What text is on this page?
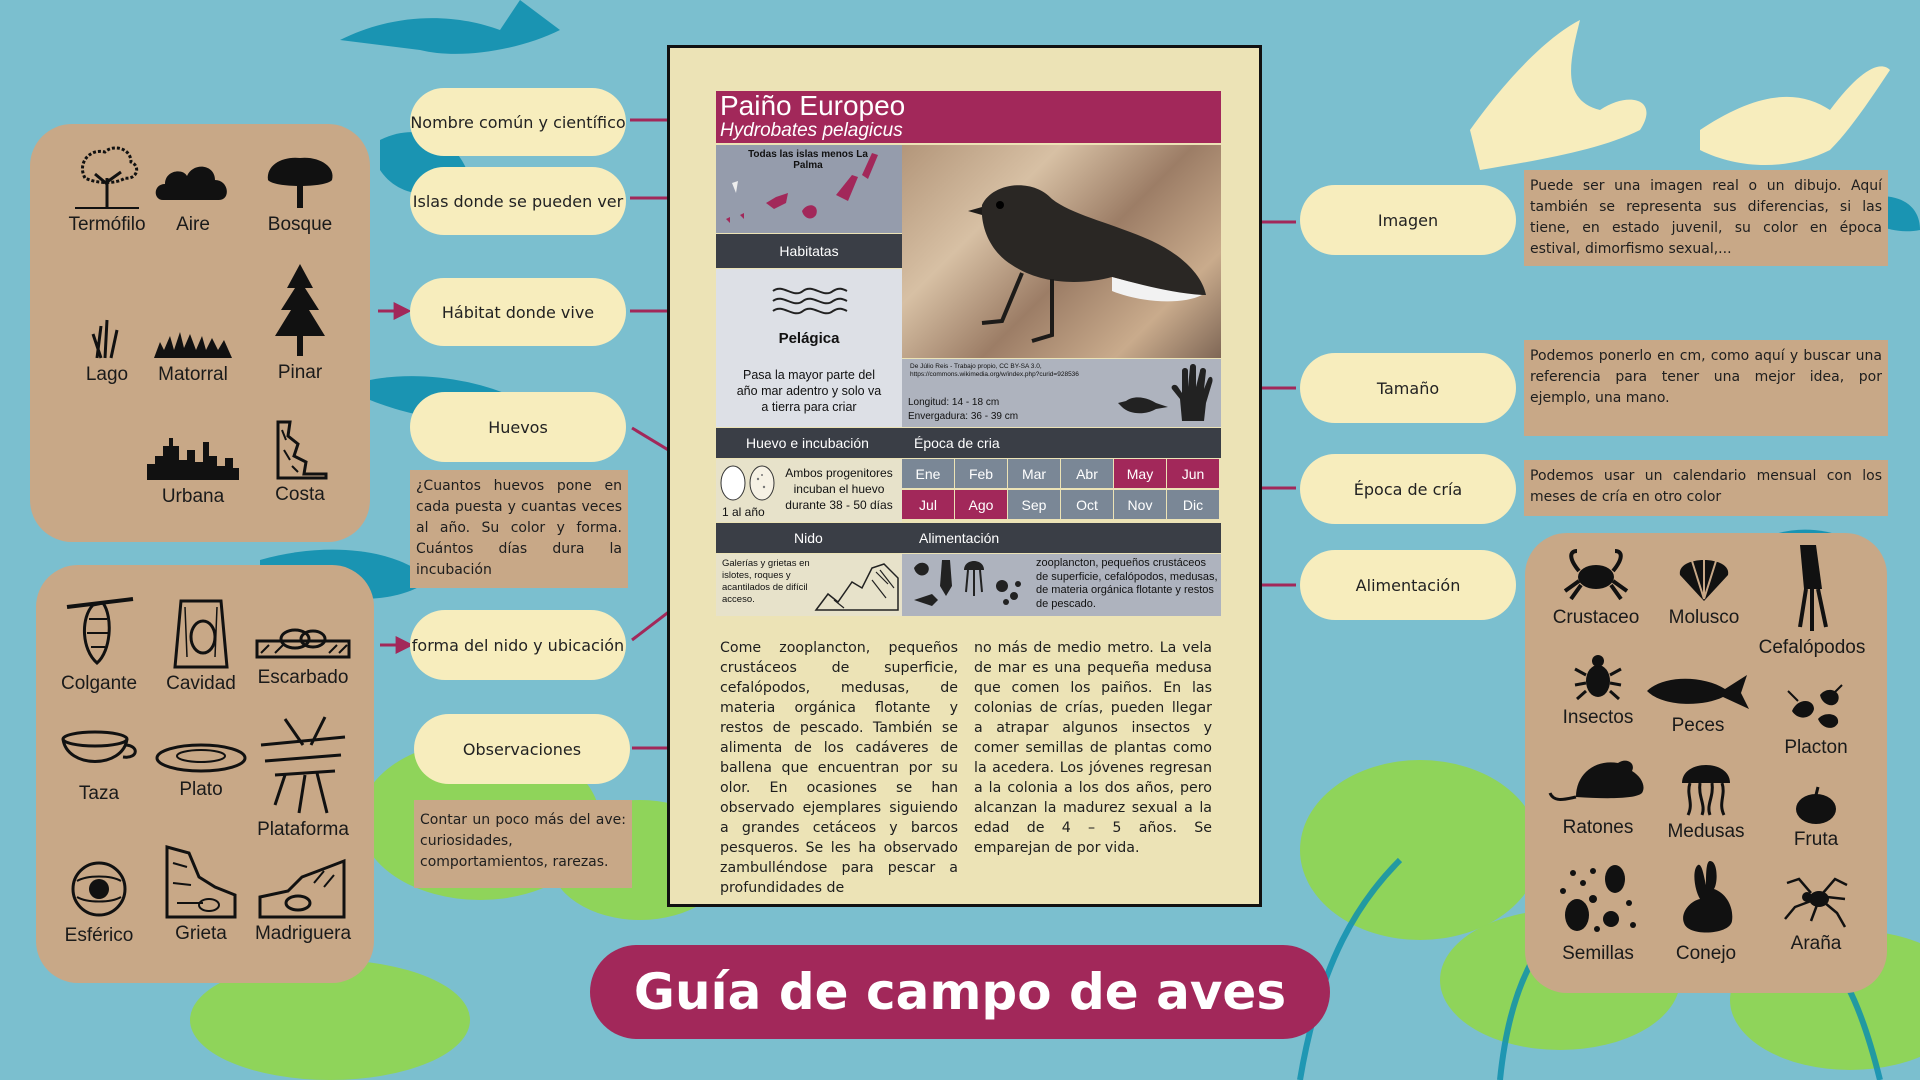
Termófilo	Aire	Bosque
Lago	Matorral	Pinar
Urbana	Costa
Colgante	Cavidad	Escarbado
Taza	Plato
Plataforma
Esférico	Grieta	Madriguera
Crustaceo	Molusco
Cefalópodos
Insectos	Peces
Placton
Ratones	Medusas	Fruta
Semillas	Conejo	Araña
Nombre común y científico
Islas donde se pueden ver
Hábitat donde vive
Huevos
¿Cuantos huevos pone en cada puesta y cuantas veces al año. Su color y forma. Cuántos días dura la incubación
forma del nido y ubicación
Observaciones
Contar un poco más del ave: curiosidades, comportamientos, rarezas.
Imagen
Puede ser una imagen real o un dibujo. Aquí también se representa sus diferencias, si las tiene, en estado juvenil, su color en época estival, dimorfismo sexual,...
Tamaño
Podemos ponerlo en cm, como aquí y buscar una referencia para tener una mejor idea, por ejemplo, una mano.
Época de cría
Podemos usar un calendario mensual con los meses de cría en otro color
Alimentación
Paiño Europeo
Hydrobates pelagicus
Todas las islas menos La Palma
Habitatas
Pelágica
Pasa la mayor parte del año mar adentro y solo va a tierra para criar
De Júlio Reis - Trabajo propio, CC BY-SA 3.0, https://commons.wikimedia.org/w/index.php?curid=928536
Longitud: 14 - 18 cm
Envergadura: 36 - 39 cm
Huevo e incubación	Época de cria
1 al año
Ambos progenitores incuban el huevo durante 38 - 50 días
Ene	Feb	Mar	Abr	May	Jun
Jul	Ago	Sep	Oct	Nov	Dic
Nido	Alimentación
Galerías y grietas en islotes, roques y acantilados de difícil acceso.
zooplancton, pequeños crustáceos de superficie, cefalópodos, medusas, de materia orgánica flotante y restos de pescado.
Come zooplancton, pequeños crustáceos de superficie, cefalópodos, medusas, de materia orgánica flotante y restos de pescado. También se alimenta de los cadáveres de ballena que encuentran por su olor. En ocasiones se han observado ejemplares siguiendo a grandes cetáceos y barcos pesqueros. Se les ha observado zambulléndose para pescar a profundidades de
no más de medio metro. La vela de mar es una pequeña medusa que comen los paiños. En las colonias de crías, pueden llegar a atrapar algunos insectos y comer semillas de plantas como la acedera. Los jóvenes regresan a la colonia a los dos años, pero alcanzan la madurez sexual a la edad de 4 – 5 años. Se emparejan de por vida.
Guía de campo de aves
